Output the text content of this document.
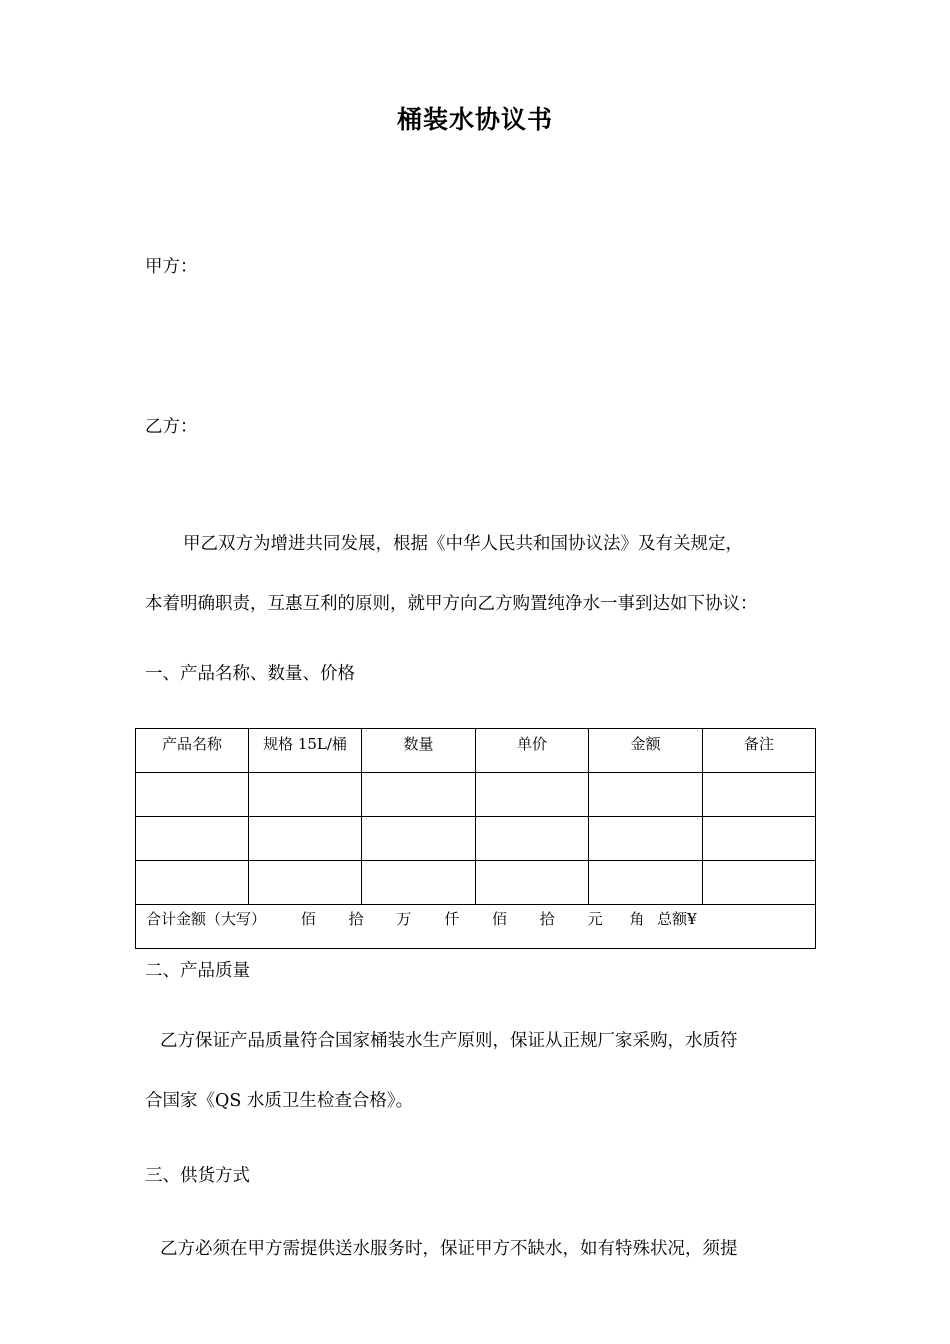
桶装水协议书
甲方：
乙方：
甲乙双方为增进共同发展，根据《中华人民共和国协议法》及有关规定，
本着明确职责，互惠互利的原则，就甲方向乙方购置纯净水一事到达如下协议：
一、产品名称、数量、价格
产品名称	规格 15L/桶	数量	单价	金额	备注

合计金额（大写） 佰 拾 万 仟 佰 拾 元 角 总额¥					
二、产品质量
乙方保证产品质量符合国家桶装水生产原则，保证从正规厂家采购，水质符
合国家《QS 水质卫生检查合格》。
三、供货方式
乙方必须在甲方需提供送水服务时，保证甲方不缺水，如有特殊状况，须提
